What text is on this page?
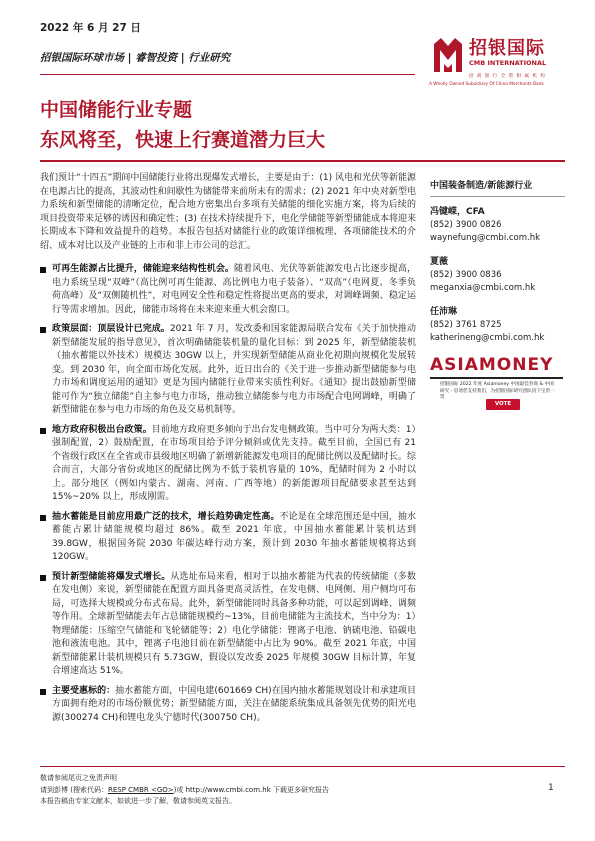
2022 年 6 月 27 日
招银国际环球市场 | 睿智投资 | 行业研究	招银国际
CMB INTERNATIONAL
招 商 银 行 全 资 附 属 机 构
A Wholly Owned Subsidiary Of China Merchants Bank
中国储能行业专题
东风将至，快速上行赛道潜力巨大

我们预计“十四五”期间中国储能行业将出现爆发式增长，主要是由于：(1) 风电和光伏等新能源在电源占比的提高，其波动性和间歇性为储能带来前所未有的需求；(2) 2021 年中央对新型电力系统和新型储能的清晰定位，配合地方密集出台多项有关储能的细化实施方案，将为后续的项目投资带来足够的诱因和确定性；(3) 在技术持续提升下，电化学储能等新型储能成本将迎来长期成本下降和效益提升的趋势。本报告包括对储能行业的政策详细梳理、各项储能技术的介绍、成本对比以及产业链的上市和非上市公司的总汇。

可再生能源占比提升，储能迎来结构性机会。随着风电、光伏等新能源发电占比逐步提高，电力系统呈现“双峰”（高比例可再生能源、高比例电力电子装备）、“双高”（电网夏、冬季负荷高峰）及“双侧随机性”，对电网安全性和稳定性将提出更高的要求，对调峰调频、稳定运行等需求增加。因此，储能市场将在未来迎来重大机会窗口。
政策层面：顶层设计已完成。2021 年 7 月，发改委和国家能源局联合发布《关于加快推动新型储能发展的指导意见》，首次明确储能装机量的量化目标：到 2025 年，新型储能装机（抽水蓄能以外技术）规模达 30GW 以上，并实现新型储能从商业化初期向规模化发展转变。到 2030 年，向全面市场化发展。此外，近日出台的《关于进一步推动新型储能参与电力市场和调度运用的通知》更是为国内储能行业带来实质性利好。《通知》提出鼓励新型储能可作为“独立储能”自主参与电力市场，推动独立储能参与电力市场配合电网调峰，明确了新型储能在参与电力市场的角色及交易机制等。
地方政府积极出台政策。目前地方政府更多倾向于出台发电侧政策。当中可分为两大类：1）强制配置，2）鼓励配置，在市场项目给予评分倾斜或优先支持。截至目前，全国已有 21 个省级行政区在全省或市县级地区明确了新增新能源发电项目的配储比例以及配储时长。综合而言，大部分省份或地区的配储比例为不低于装机容量的 10%，配储时间为 2 小时以上。部分地区（例如内蒙古、湖南、河南、广西等地）的新能源项目配储要求甚至达到 15%~20% 以上，形成刚需。
抽水蓄能是目前应用最广泛的技术，增长趋势确定性高。不论是在全球范围还是中国，抽水蓄能占累计储能规模均超过 86%。截至 2021 年底，中国抽水蓄能累计装机达到 39.8GW，根据国务院 2030 年碳达峰行动方案，预计到 2030 年抽水蓄能规模将达到 120GW。
预计新型储能将爆发式增长。从选址布局来看，相对于以抽水蓄能为代表的传统储能（多数在发电侧）来说，新型储能在配置方面具备更高灵活性，在发电侧、电网侧、用户侧均可布局，可选择大规模或分布式布局。此外，新型储能同时具备多种功能，可以起到调峰、调频等作用。全球新型储能去年占总储能规模约~13%，目前电储能为主流技术，当中分为：1）物理储能：压缩空气储能和飞轮储能等；2）电化学储能：锂离子电池、钠硫电池、铅碳电池和液流电池。其中，锂离子电池目前在新型储能中占比为 90%。截至 2021 年底，中国新型储能累计装机规模只有 5.73GW，假设以发改委 2025 年规模 30GW 目标计算，年复合增速高达 51%。
主要受惠标的：抽水蓄能方面，中国电建(601669 CH)在国内抽水蓄能规划设计和承建项目方面拥有绝对的市场份额优势；新型储能方面，关注在储能系统集成具备领先优势的阳光电源(300274 CH)和锂电龙头宁德时代(300750 CH)。
中国装备制造/新能源行业
冯键嵘，CFA
(852) 3900 0826
waynefung@cmbi.com.hk
夏薇
(852) 3900 0836
meganxia@cmbi.com.hk
任沛琳
(852) 3761 8725
katherineng@cmbi.com.hk
ASIAMONEY
招银国际 2022 年度 Asiamoney 中国最佳券商 & 中国研究 - 恳请您支持我们，为招银国际研究团队投下宝贵一票
VOTE
敬请参阅尾页之免责声明
请到彭博 (搜索代码：RESP CMBR <GO>)或 http://www.cmbi.com.hk 下载更多研究报告
本报告稿由专家文献本，如欲进一步了解，敬请参阅英文报告。
1
